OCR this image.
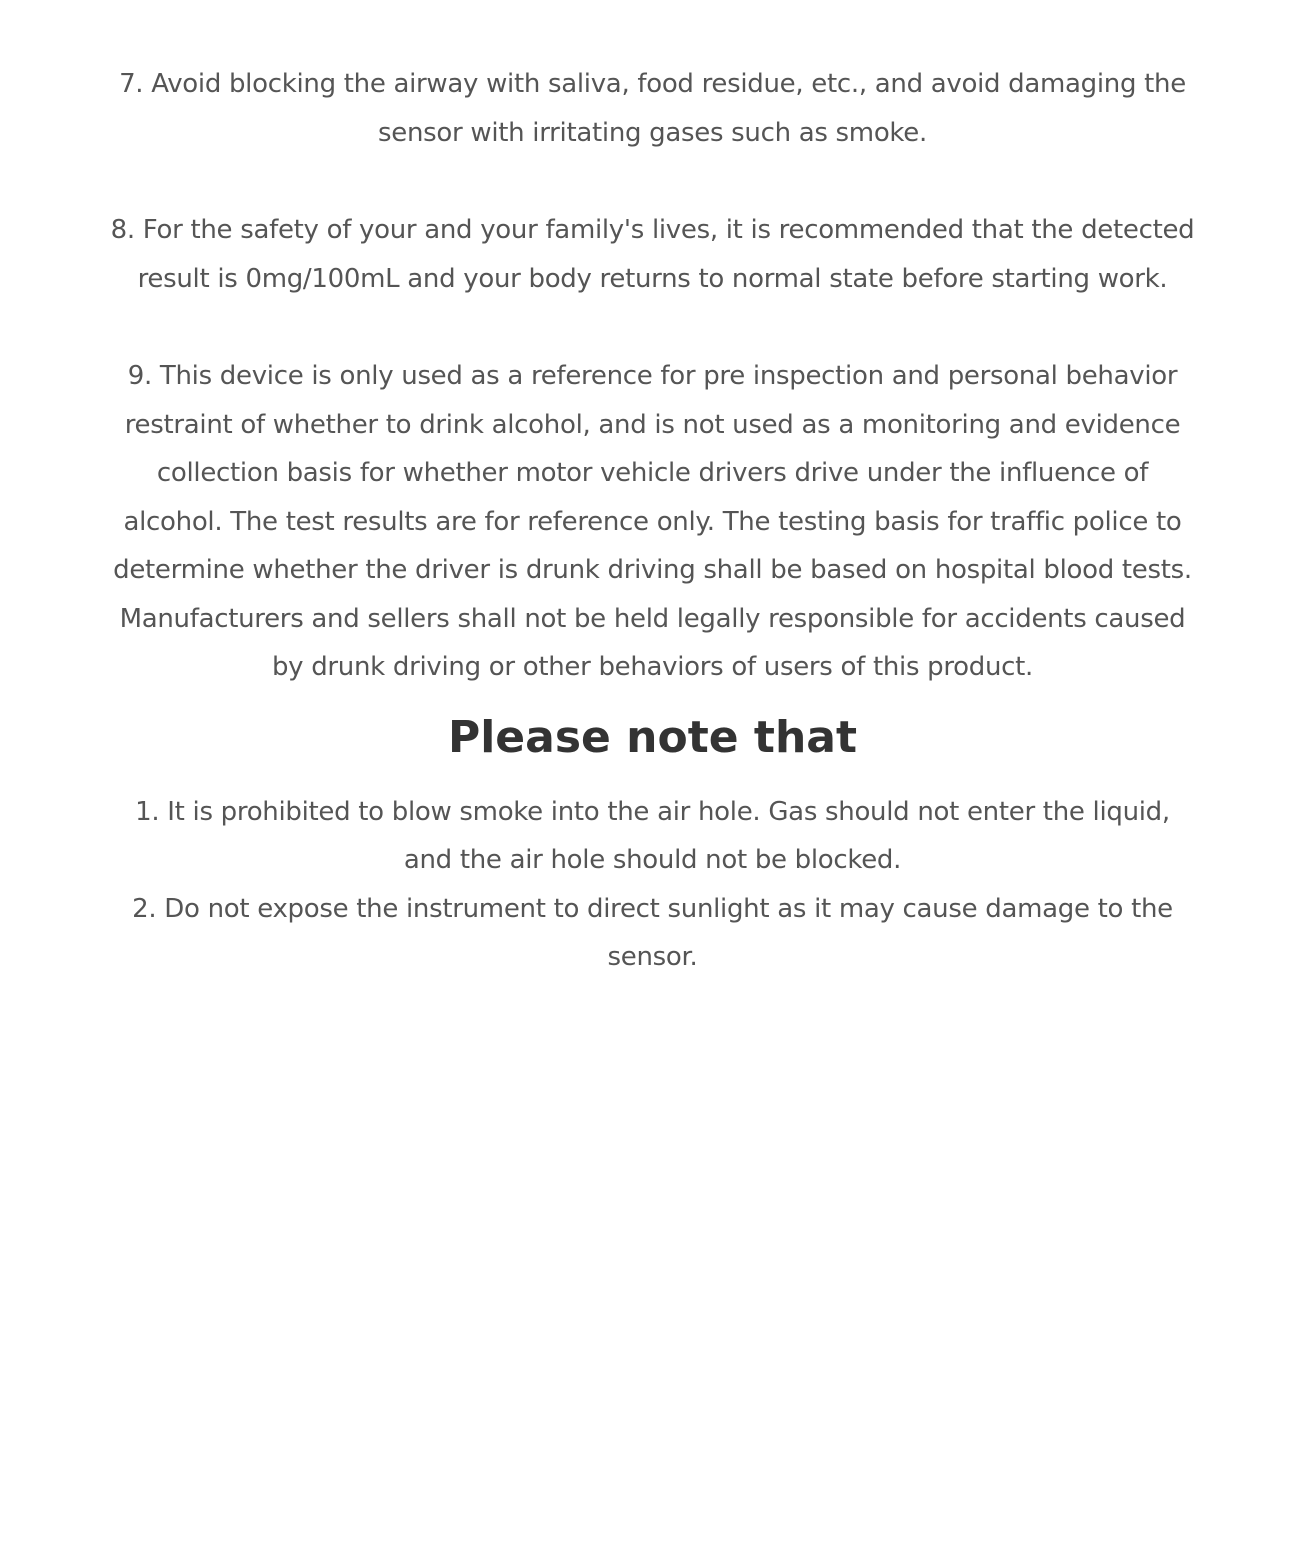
7. Avoid blocking the airway with saliva, food residue, etc., and avoid damaging the sensor with irritating gases such as smoke.

8. For the safety of your and your family's lives, it is recommended that the detected result is 0mg/100mL and your body returns to normal state before starting work.

9. This device is only used as a reference for pre inspection and personal behavior restraint of whether to drink alcohol, and is not used as a monitoring and evidence collection basis for whether motor vehicle drivers drive under the influence of alcohol. The test results are for reference only. The testing basis for traffic police to determine whether the driver is drunk driving shall be based on hospital blood tests. Manufacturers and sellers shall not be held legally responsible for accidents caused by drunk driving or other behaviors of users of this product.

Please note that

1. It is prohibited to blow smoke into the air hole. Gas should not enter the liquid, and the air hole should not be blocked.

2. Do not expose the instrument to direct sunlight as it may cause damage to the sensor.
